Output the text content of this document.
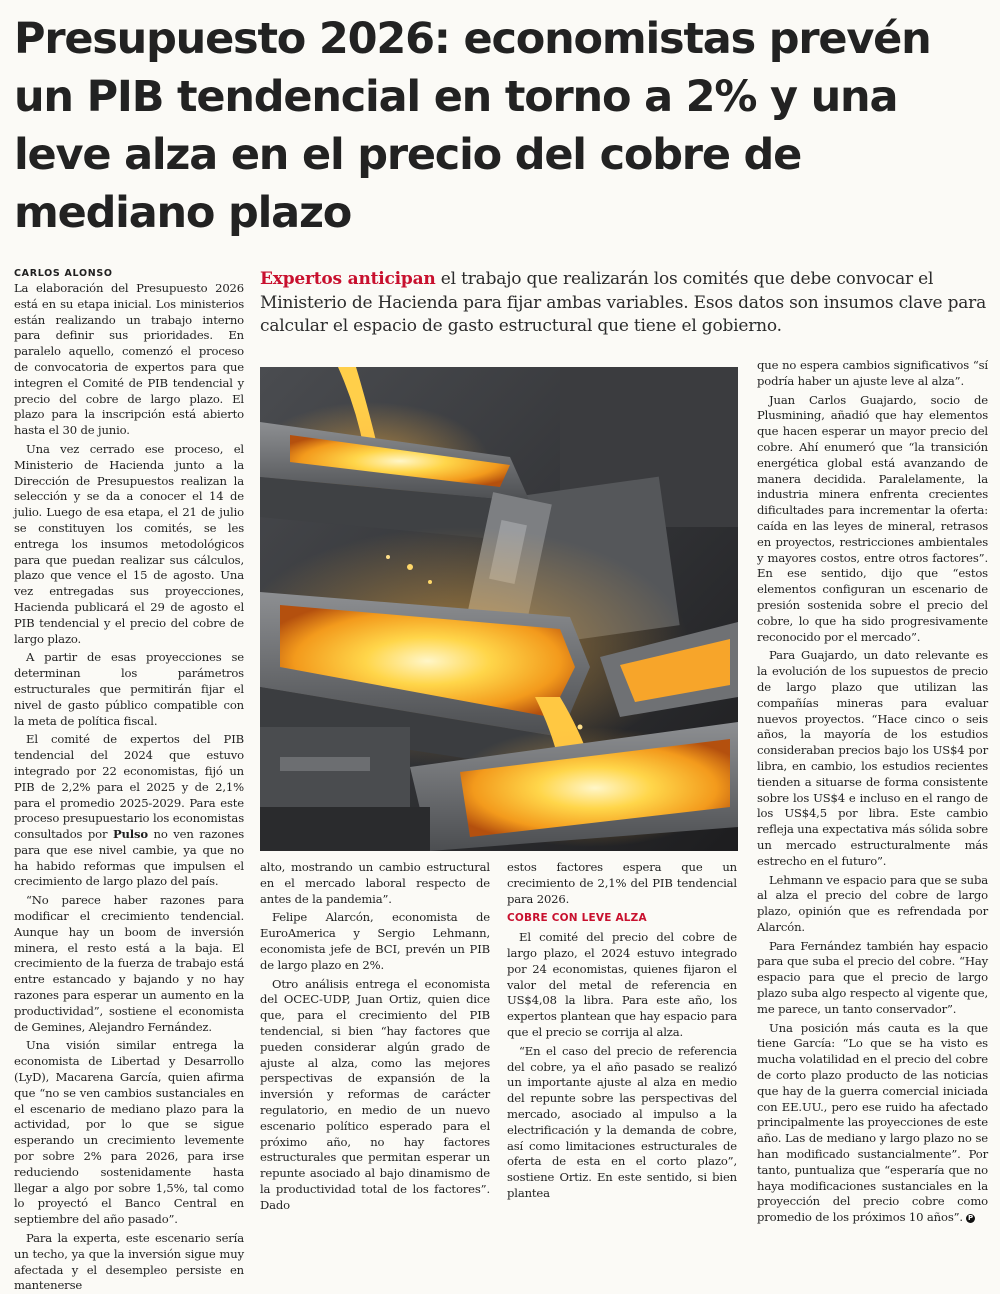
Presupuesto 2026: economistas prevén un PIB tendencial en torno a 2% y una leve alza en el precio del cobre de mediano plazo
CARLOS ALONSO

La elaboración del Presupuesto 2026 está en su etapa inicial. Los ministerios están realizando un trabajo interno para definir sus prioridades. En paralelo aquello, comenzó el proceso de convocatoria de expertos para que integren el Comité de PIB tendencial y precio del cobre de largo plazo. El plazo para la inscripción está abierto hasta el 30 de junio.

Una vez cerrado ese proceso, el Ministerio de Hacienda junto a la Dirección de Presupuestos realizan la selección y se da a conocer el 14 de julio. Luego de esa etapa, el 21 de julio se constituyen los comités, se les entrega los insumos metodológicos para que puedan realizar sus cálculos, plazo que vence el 15 de agosto. Una vez entregadas sus proyecciones, Hacienda publicará el 29 de agosto el PIB tendencial y el precio del cobre de largo plazo.

A partir de esas proyecciones se determinan los parámetros estructurales que permitirán fijar el nivel de gasto público compatible con la meta de política fiscal.

El comité de expertos del PIB tendencial del 2024 que estuvo integrado por 22 economistas, fijó un PIB de 2,2% para el 2025 y de 2,1% para el promedio 2025-2029. Para este proceso presupuestario los economistas consultados por Pulso no ven razones para que ese nivel cambie, ya que no ha habido reformas que impulsen el crecimiento de largo plazo del país.

“No parece haber razones para modificar el crecimiento tendencial. Aunque hay un boom de inversión minera, el resto está a la baja. El crecimiento de la fuerza de trabajo está entre estancado y bajando y no hay razones para esperar un aumento en la productividad”, sostiene el economista de Gemines, Alejandro Fernández.

Una visión similar entrega la economista de Libertad y Desarrollo (LyD), Macarena García, quien afirma que “no se ven cambios sustanciales en el escenario de mediano plazo para la actividad, por lo que se sigue esperando un crecimiento levemente por sobre 2% para 2026, para irse reduciendo sostenidamente hasta llegar a algo por sobre 1,5%, tal como lo proyectó el Banco Central en septiembre del año pasado”.

Para la experta, este escenario sería un techo, ya que la inversión sigue muy afectada y el desempleo persiste en mantenerse

Expertos anticipan el trabajo que realizarán los comités que debe convocar el Ministerio de Hacienda para fijar ambas variables. Esos datos son insumos clave para calcular el espacio de gasto estructural que tiene el gobierno.

alto, mostrando un cambio estructural en el mercado laboral respecto de antes de la pandemia”.

Felipe Alarcón, economista de EuroAmerica y Sergio Lehmann, economista jefe de BCI, prevén un PIB de largo plazo en 2%.

Otro análisis entrega el economista del OCEC-UDP, Juan Ortiz, quien dice que, para el crecimiento del PIB tendencial, si bien “hay factores que pueden considerar algún grado de ajuste al alza, como las mejores perspectivas de expansión de la inversión y reformas de carácter regulatorio, en medio de un nuevo escenario político esperado para el próximo año, no hay factores estructurales que permitan esperar un repunte asociado al bajo dinamismo de la productividad total de los factores”. Dado

estos factores espera que un crecimiento de 2,1% del PIB tendencial para 2026.

COBRE CON LEVE ALZA

El comité del precio del cobre de largo plazo, el 2024 estuvo integrado por 24 economistas, quienes fijaron el valor del metal de referencia en US$4,08 la libra. Para este año, los expertos plantean que hay espacio para que el precio se corrija al alza.

“En el caso del precio de referencia del cobre, ya el año pasado se realizó un importante ajuste al alza en medio del repunte sobre las perspectivas del mercado, asociado al impulso a la electrificación y la demanda de cobre, así como limitaciones estructurales de oferta de esta en el corto plazo”, sostiene Ortiz. En este sentido, si bien plantea

que no espera cambios significativos “sí podría haber un ajuste leve al alza”.

Juan Carlos Guajardo, socio de Plusmining, añadió que hay elementos que hacen esperar un mayor precio del cobre. Ahí enumeró que “la transición energética global está avanzando de manera decidida. Paralelamente, la industria minera enfrenta crecientes dificultades para incrementar la oferta: caída en las leyes de mineral, retrasos en proyectos, restricciones ambientales y mayores costos, entre otros factores”. En ese sentido, dijo que “estos elementos configuran un escenario de presión sostenida sobre el precio del cobre, lo que ha sido progresivamente reconocido por el mercado”.

Para Guajardo, un dato relevante es la evolución de los supuestos de precio de largo plazo que utilizan las compañías mineras para evaluar nuevos proyectos. “Hace cinco o seis años, la mayoría de los estudios consideraban precios bajo los US$4 por libra, en cambio, los estudios recientes tienden a situarse de forma consistente sobre los US$4 e incluso en el rango de los US$4,5 por libra. Este cambio refleja una expectativa más sólida sobre un mercado estructuralmente más estrecho en el futuro”.

Lehmann ve espacio para que se suba al alza el precio del cobre de largo plazo, opinión que es refrendada por Alarcón.

Para Fernández también hay espacio para que suba el precio del cobre. “Hay espacio para que el precio de largo plazo suba algo respecto al vigente que, me parece, un tanto conservador”.

Una posición más cauta es la que tiene García: “Lo que se ha visto es mucha volatilidad en el precio del cobre de corto plazo producto de las noticias que hay de la guerra comercial iniciada con EE.UU., pero ese ruido ha afectado principalmente las proyecciones de este año. Las de mediano y largo plazo no se han modificado sustancialmente”. Por tanto, puntualiza que “esperaría que no haya modificaciones sustanciales en la proyección del precio cobre como promedio de los próximos 10 años”. P
